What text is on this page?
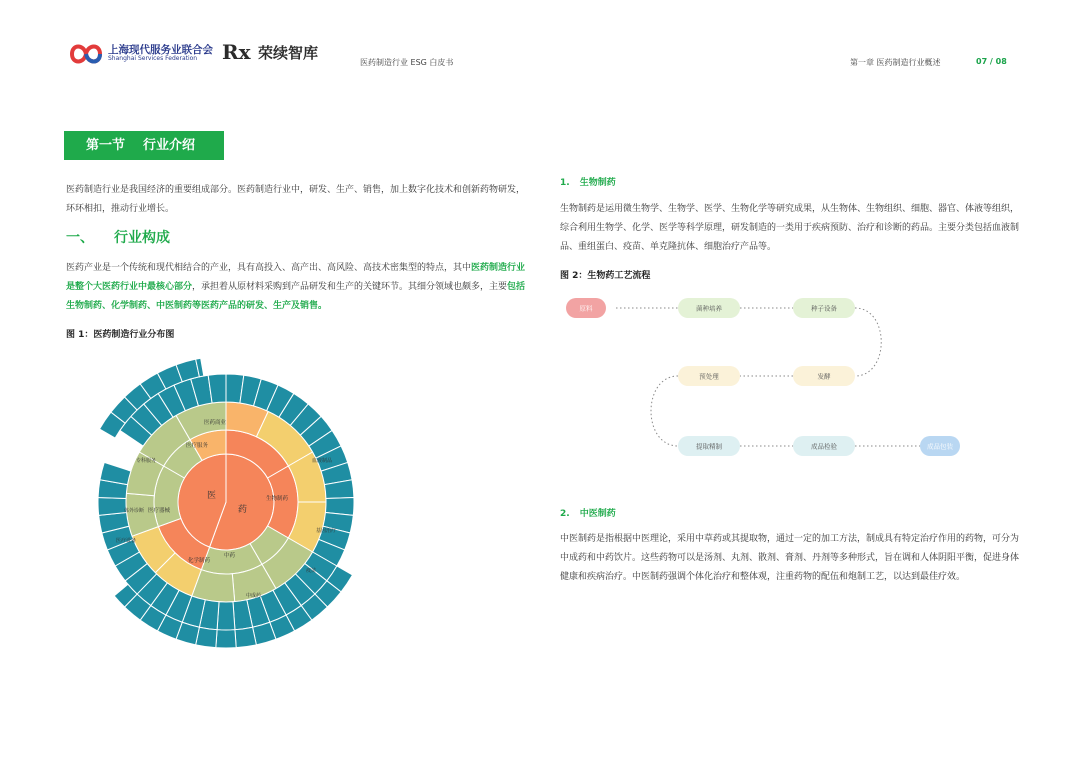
上海现代服务业联合会
Shanghai Services Federation Rx 荣续智库
医药制造行业 ESG 白皮书	第一章 医药制造行业概述	07 / 08
第一节 行业介绍
医药制造行业是我国经济的重要组成部分。医药制造行业中，研发、生产、销售，加上数字化技术和创新药物研发，环环相扣，推动行业增长。
一、 行业构成
医药产业是一个传统和现代相结合的产业，具有高投入、高产出、高风险、高技术密集型的特点，其中医药制造行业是整个大医药行业中最核心部分，承担着从原材料采购到产品研发和生产的关键环节。其细分领域也颇多，主要包括生物制药、化学制药、中医制药等医药产品的研发、生产及销售。
图 1：医药制造行业分布图
医
药
医疗器械
医疗服务
医药商业
生物制药
中药
化学制药
医疗设备
体外诊断
专科服务
疫苗
血液制品
基因治疗
中成药
1. 生物制药
生物制药是运用微生物学、生物学、医学、生物化学等研究成果，从生物体、生物组织、细胞、器官、体液等组织，综合利用生物学、化学、医学等科学原理，研发制造的一类用于疾病预防、治疗和诊断的药品。主要分类包括血液制品、重组蛋白、疫苗、单克隆抗体、细胞治疗产品等。
图 2：生物药工艺流程
原料	菌种培养	种子设备
发酵
预处理
提取精制	成品检验	成品包装
2. 中医制药
中医制药是指根据中医理论，采用中草药或其提取物，通过一定的加工方法，制成具有特定治疗作用的药物，可分为中成药和中药饮片。这些药物可以是汤剂、丸剂、散剂、膏剂、丹剂等多种形式，旨在调和人体阴阳平衡，促进身体健康和疾病治疗。中医制药强调个体化治疗和整体观，注重药物的配伍和炮制工艺，以达到最佳疗效。
